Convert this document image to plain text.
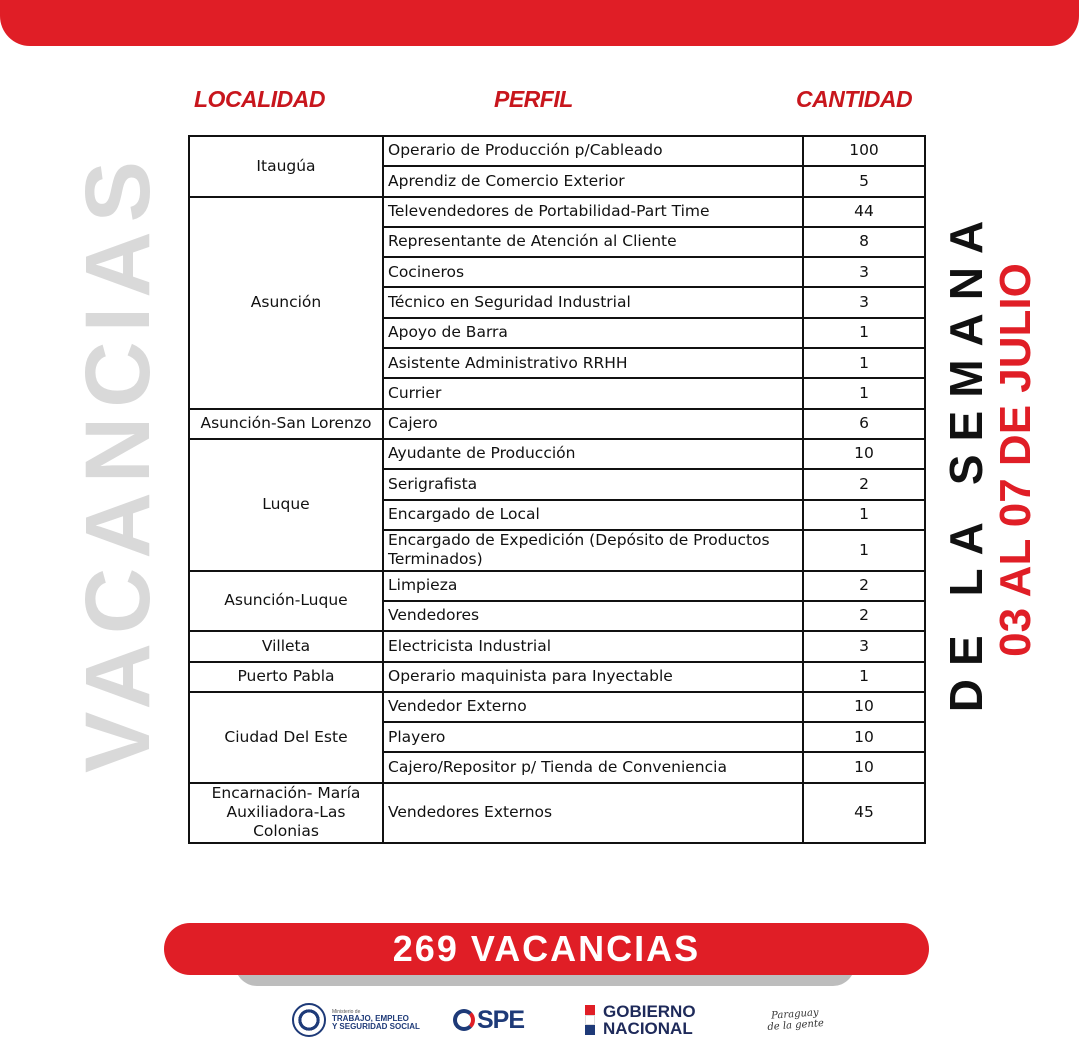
VACANCIAS
LOCALIDAD	PERFIL	CANTIDAD
Itaugúa	Operario de Producción p/Cableado	100
	Aprendiz de Comercio Exterior	5
Asunción	Televendedores de Portabilidad-Part Time	44
	Representante de Atención al Cliente	8
	Cocineros	3
	Técnico en Seguridad Industrial	3
	Apoyo de Barra	1
	Asistente Administrativo RRHH	1
	Currier	1
Asunción-San Lorenzo	Cajero	6
Luque	Ayudante de Producción	10
	Serigrafista	2
	Encargado de Local	1
	Encargado de Expedición (Depósito de Productos Terminados)	1
Asunción-Luque	Limpieza	2
	Vendedores	2
Villeta	Electricista Industrial	3
Puerto Pabla	Operario maquinista para Inyectable	1
Ciudad Del Este	Vendedor Externo	10
	Playero	10
	Cajero/Repositor p/ Tienda de Conveniencia	10
Encarnación- María Auxiliadora-Las Colonias	Vendedores Externos	45
DE LA SEMANA 03 AL 07 DE JULIO
269 VACANCIAS
Ministerio de
TRABAJO, EMPLEO
Y SEGURIDAD SOCIAL SPE	GOBIERNO
NACIONAL
Paraguay
de la gente
